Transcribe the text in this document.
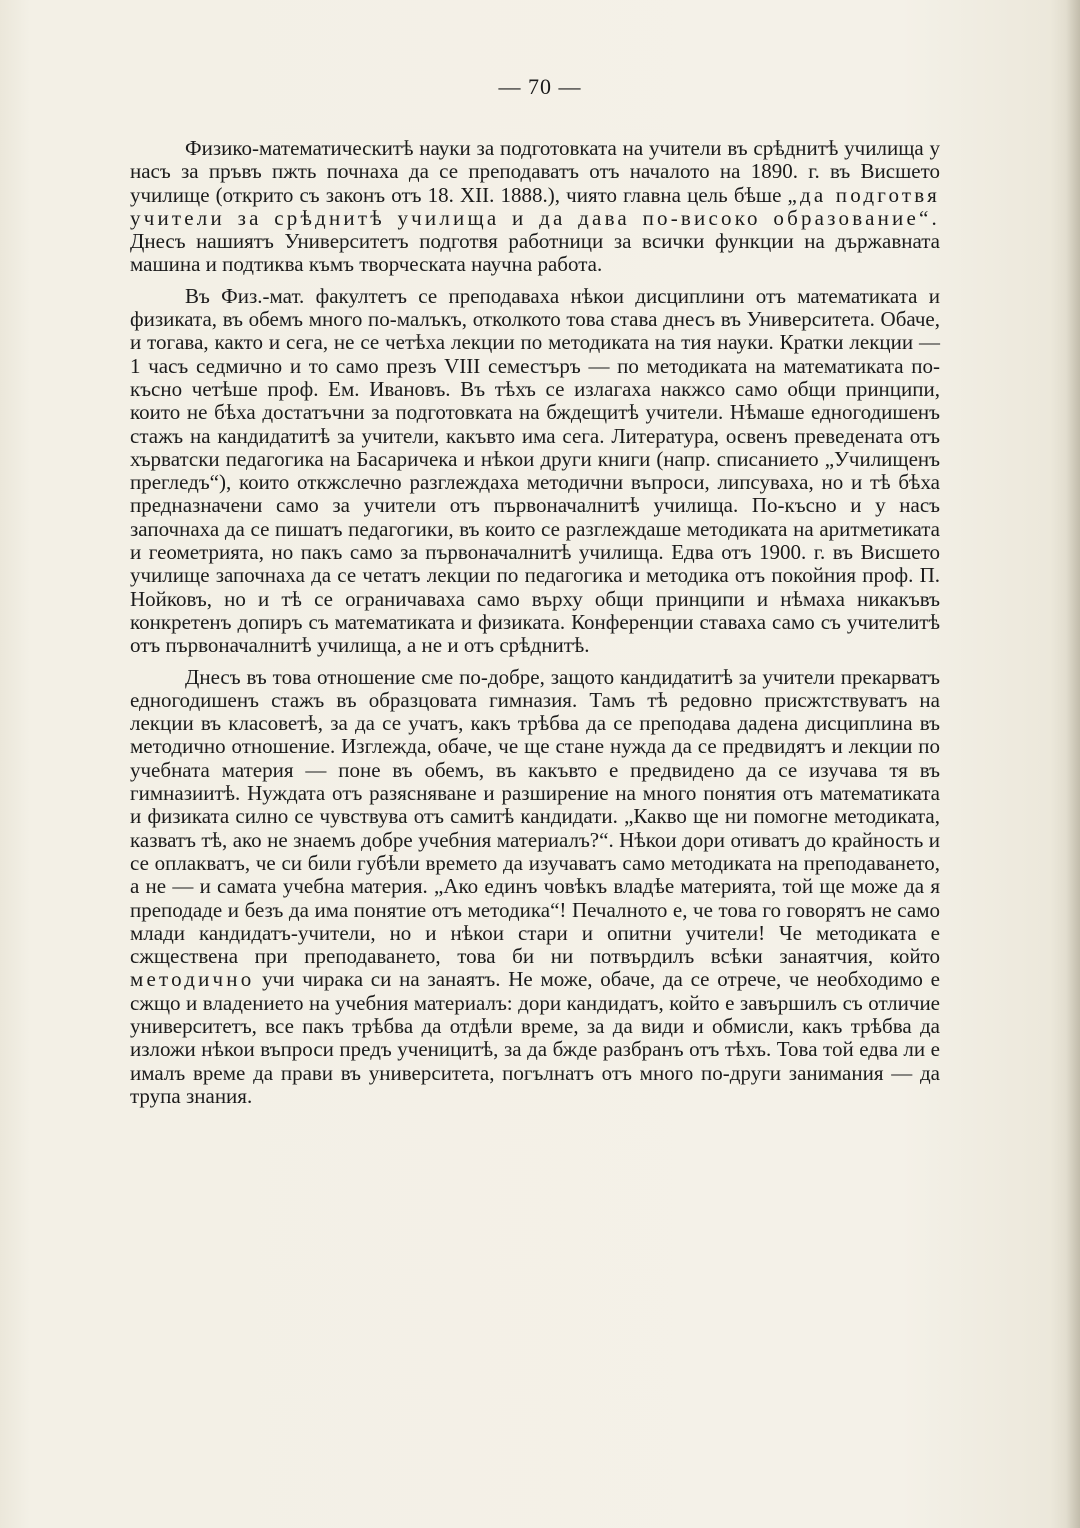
— 70 —

Физико-математическитѣ науки за подготовката на учители въ срѣднитѣ училища у насъ за пръвъ пжть почнаха да се преподаватъ отъ началото на 1890. г. въ Висшето училище (открито съ законъ отъ 18. XII. 1888.), чиято главна цель бѣше „да подготвя учители за срѣднитѣ училища и да дава по-високо образование“. Днесъ нашиятъ Университетъ подготвя работници за всички функции на държавната машина и подтиква къмъ творческата научна работа.

Въ Физ.-мат. факултетъ се преподаваха нѣкои дисциплини отъ математиката и физиката, въ обемъ много по-малъкъ, отколкото това става днесъ въ Университета. Обаче, и тогава, както и сега, не се четѣха лекции по методиката на тия науки. Кратки лекции — 1 часъ седмично и то само презъ VIII семестъръ — по методиката на математиката по-късно четѣше проф. Ем. Ивановъ. Въ тѣхъ се излагаха накжсо само общи принципи, които не бѣха достатъчни за подготовката на бждещитѣ учители. Нѣмаше едногодишенъ стажъ на кандидатитѣ за учители, какъвто има сега. Литература, освенъ преведената отъ хърватски педагогика на Басаричека и нѣкои други книги (напр. списанието „Училищенъ прегледъ“), които откжслечно разглеждаха методични въпроси, липсуваха, но и тѣ бѣха предназначени само за учители отъ първоначалнитѣ училища. По-късно и у насъ започнаха да се пишатъ педагогики, въ които се разглеждаше методиката на аритметиката и геометрията, но пакъ само за първоначалнитѣ училища. Едва отъ 1900. г. въ Висшето училище започнаха да се четатъ лекции по педагогика и методика отъ покойния проф. П. Нойковъ, но и тѣ се ограничаваха само върху общи принципи и нѣмаха никакъвъ конкретенъ допиръ съ математиката и физиката. Конференции ставаха само съ учителитѣ отъ първоначалнитѣ училища, а не и отъ срѣднитѣ.

Днесъ въ това отношение сме по-добре, защото кандидатитѣ за учители прекарватъ едногодишенъ стажъ въ образцовата гимназия. Тамъ тѣ редовно присжтствуватъ на лекции въ класоветѣ, за да се учатъ, какъ трѣбва да се преподава дадена дисциплина въ методично отношение. Изглежда, обаче, че ще стане нужда да се предвидятъ и лекции по учебната материя — поне въ обемъ, въ какъвто е предвидено да се изучава тя въ гимназиитѣ. Нуждата отъ разясняване и разширение на много понятия отъ математиката и физиката силно се чувствува отъ самитѣ кандидати. „Какво ще ни помогне методиката, казватъ тѣ, ако не знаемъ добре учебния материалъ?“. Нѣкои дори отиватъ до крайность и се оплакватъ, че си били губѣли времето да изучаватъ само методиката на преподаването, а не — и самата учебна материя. „Ако единъ човѣкъ владѣе материята, той ще може да я преподаде и безъ да има понятие отъ методика“! Печалното е, че това го говорятъ не само млади кандидатъ-учители, но и нѣкои стари и опитни учители! Че методиката е сжществена при преподаването, това би ни потвърдилъ всѣки занаятчия, който методично учи чирака си на занаятъ. Не може, обаче, да се отрече, че необходимо е сжщо и владението на учебния материалъ: дори кандидатъ, който е завършилъ съ отличие университетъ, все пакъ трѣбва да отдѣли време, за да види и обмисли, какъ трѣбва да изложи нѣкои въпроси предъ ученицитѣ, за да бжде разбранъ отъ тѣхъ. Това той едва ли е ималъ време да прави въ университета, погълнатъ отъ много по-други занимания — да трупа знания.
